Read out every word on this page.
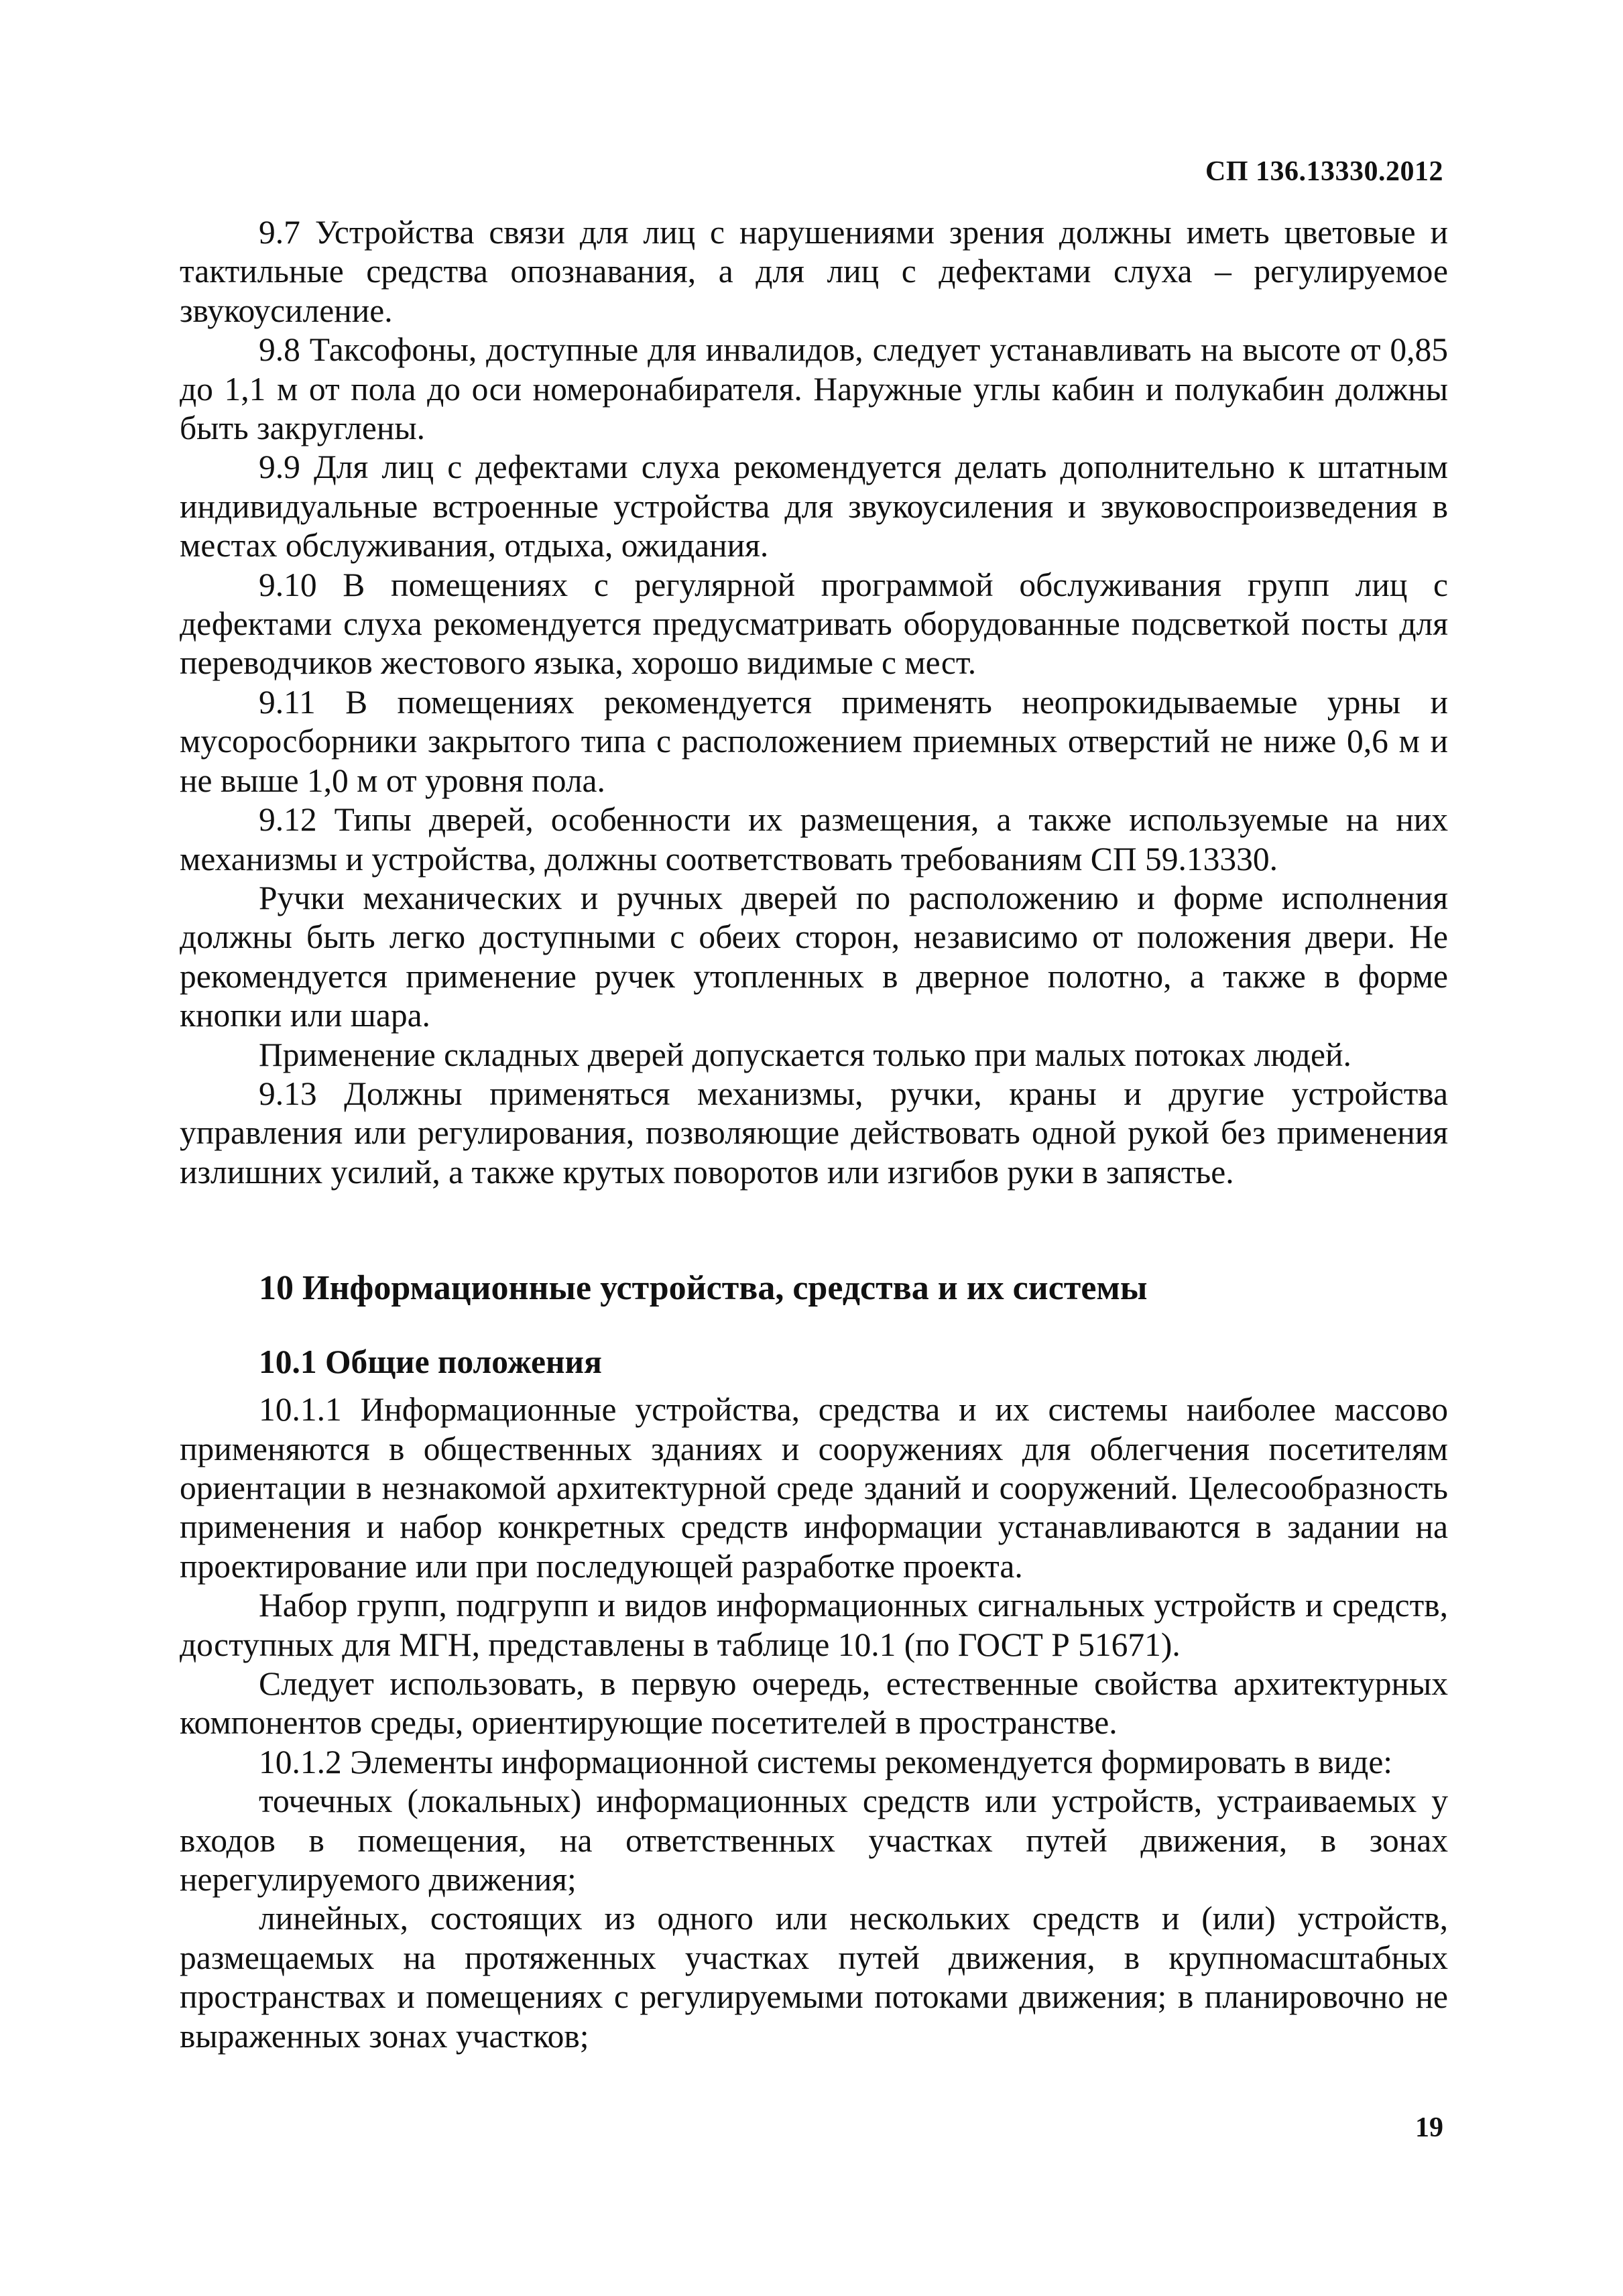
СП 136.13330.2012

9.7 Устройства связи для лиц с нарушениями зрения должны иметь цветовые и тактильные средства опознавания, а для лиц с дефектами слуха – регулируемое звукоусиление.

9.8 Таксофоны, доступные для инвалидов, следует устанавливать на высоте от 0,85 до 1,1 м от пола до оси номеронабирателя. Наружные углы кабин и полукабин должны быть закруглены.

9.9 Для лиц с дефектами слуха рекомендуется делать дополнительно к штатным индивидуальные встроенные устройства для звукоусиления и звуковоспроизведения в местах обслуживания, отдыха, ожидания.

9.10 В помещениях с регулярной программой обслуживания групп лиц с дефектами слуха рекомендуется предусматривать оборудованные подсветкой посты для переводчиков жестового языка, хорошо видимые с мест.

9.11 В помещениях рекомендуется применять неопрокидываемые урны и мусоросборники закрытого типа с расположением приемных отверстий не ниже 0,6 м и не выше 1,0 м от уровня пола.

9.12 Типы дверей, особенности их размещения, а также используемые на них механизмы и устройства, должны соответствовать требованиям СП 59.13330.

Ручки механических и ручных дверей по расположению и форме исполнения должны быть легко доступными с обеих сторон, независимо от положения двери. Не рекомендуется применение ручек утопленных в дверное полотно, а также в форме кнопки или шара.

Применение складных дверей допускается только при малых потоках людей.

9.13 Должны применяться механизмы, ручки, краны и другие устройства управления или регулирования, позволяющие действовать одной рукой без применения излишних усилий, а также крутых поворотов или изгибов руки в запястье.

10 Информационные устройства, средства и их системы
10.1 Общие положения

10.1.1 Информационные устройства, средства и их системы наиболее массово применяются в общественных зданиях и сооружениях для облегчения посетителям ориентации в незнакомой архитектурной среде зданий и сооружений. Целесообразность применения и набор конкретных средств информации устанавливаются в задании на проектирование или при последующей разработке проекта.

Набор групп, подгрупп и видов информационных сигнальных устройств и средств, доступных для МГН, представлены в таблице 10.1 (по ГОСТ Р 51671).

Следует использовать, в первую очередь, естественные свойства архитектурных компонентов среды, ориентирующие посетителей в пространстве.

10.1.2 Элементы информационной системы рекомендуется формировать в виде:

точечных (локальных) информационных средств или устройств, устраиваемых у входов в помещения, на ответственных участках путей движения, в зонах нерегулируемого движения;

линейных, состоящих из одного или нескольких средств и (или) устройств, размещаемых на протяженных участках путей движения, в крупномасштабных пространствах и помещениях с регулируемыми потоками движения; в планировочно не выраженных зонах участков;

19
